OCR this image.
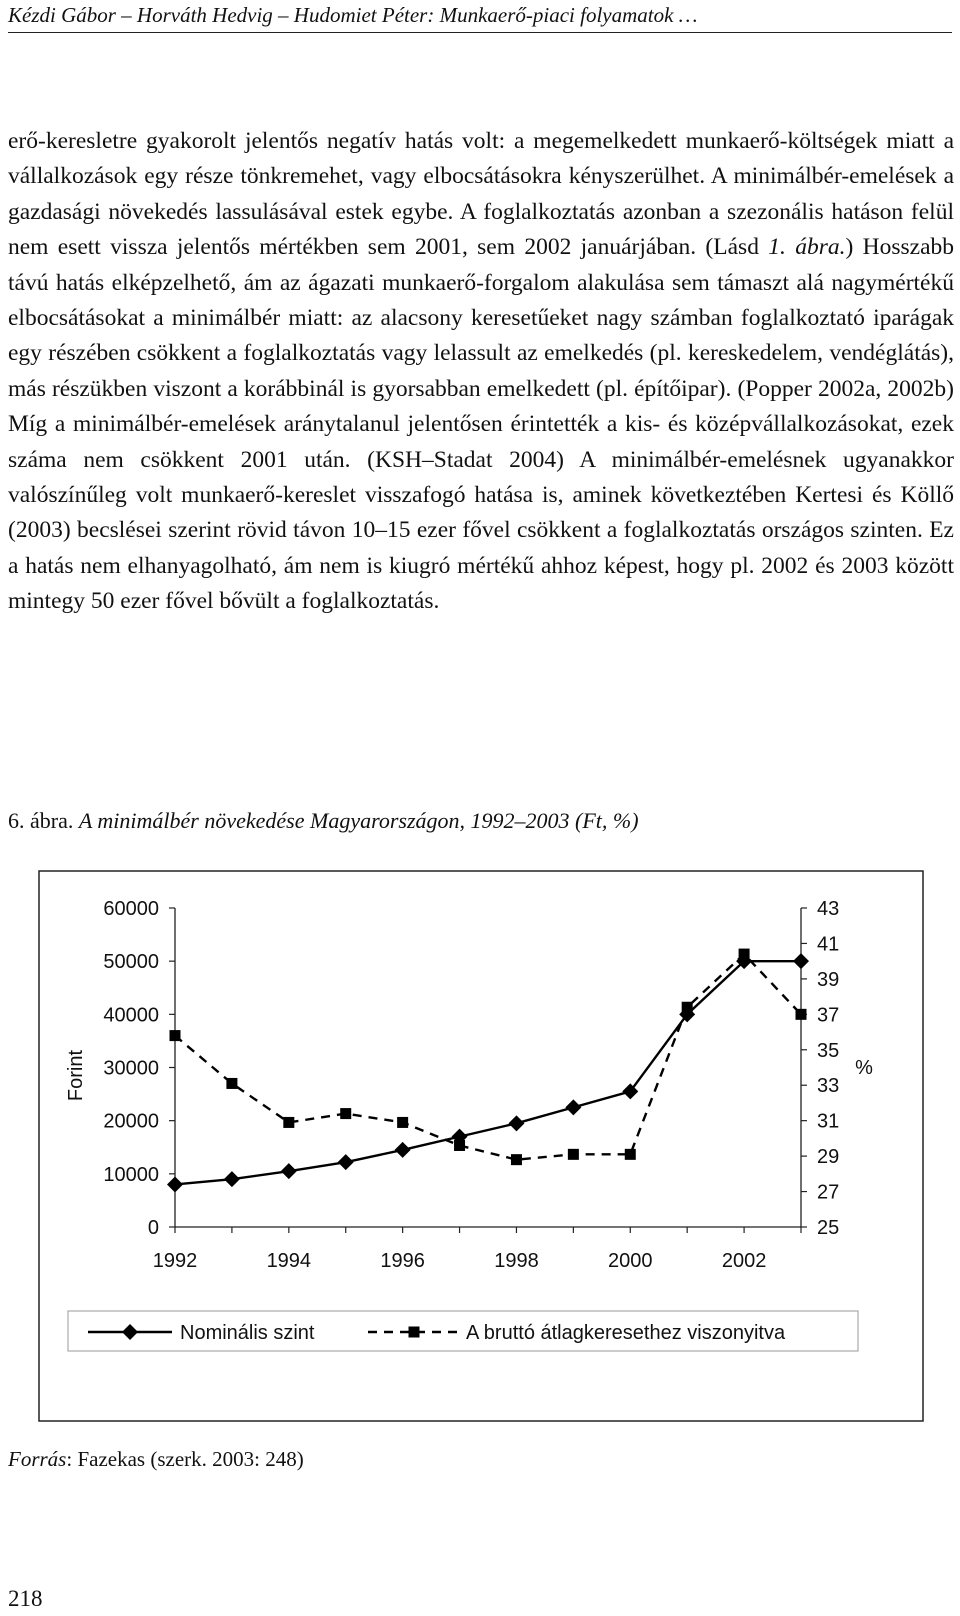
Kézdi Gábor – Horváth Hedvig – Hudomiet Péter: Munkaerő-piaci folyamatok …

erő-keresletre gyakorolt jelentős negatív hatás volt: a megemelkedett munkaerő-költségek miatt a vállalkozások egy része tönkremehet, vagy elbocsátásokra kényszerülhet. A minimálbér-emelések a gazdasági növekedés lassulásával estek egybe. A foglalkoztatás azonban a szezonális hatáson felül nem esett vissza jelentős mértékben sem 2001, sem 2002 januárjában. (Lásd 1. ábra.) Hosszabb távú hatás elképzelhető, ám az ágazati munkaerő-forgalom alakulása sem támaszt alá nagymértékű elbocsátásokat a minimálbér miatt: az alacsony keresetűeket nagy számban foglalkoztató iparágak egy részében csökkent a foglalkoztatás vagy lelassult az emelkedés (pl. kereskedelem, vendéglátás), más részükben viszont a korábbinál is gyorsabban emelkedett (pl. építőipar). (Popper 2002a, 2002b) Míg a minimálbér-emelések aránytalanul jelentősen érintették a kis- és középvállalkozásokat, ezek száma nem csökkent 2001 után. (KSH–Stadat 2004) A minimálbér-emelésnek ugyanakkor valószínűleg volt munkaerő-kereslet visszafogó hatása is, aminek következtében Kertesi és Köllő (2003) becslései szerint rövid távon 10–15 ezer fővel csökkent a foglalkoztatás országos szinten. Ez a hatás nem elhanyagolható, ám nem is kiugró mértékű ahhoz képest, hogy pl. 2002 és 2003 között mintegy 50 ezer fővel bővült a foglalkoztatás.

6. ábra. A minimálbér növekedése Magyarországon, 1992–2003 (Ft, %)
0
10000
20000
30000
40000
50000
60000
25
27
29
31
33
35
37
39
41
43
1992	1994	1996	1998	2000	2002
Forint	%
Nominális szint	A bruttó átlagkeresethez viszonyitva
Forrás: Fazekas (szerk. 2003: 248)
218
